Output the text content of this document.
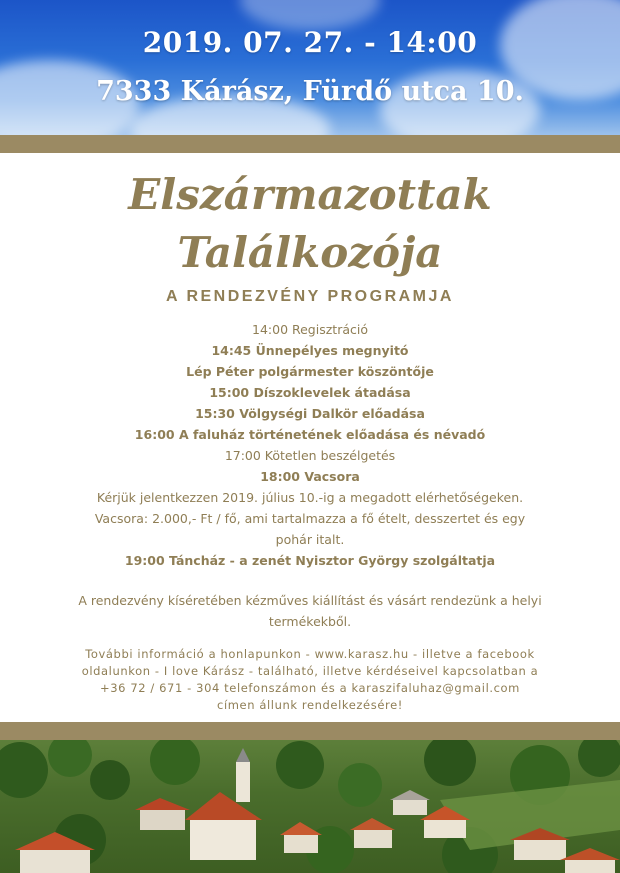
2019. 07. 27. - 14:00
7333 Kárász, Fürdő utca 10.
Elszármazottak
Találkozója
A RENDEZVÉNY PROGRAMJA

14:00 Regisztráció

14:45 Ünnepélyes megnyitó

Lép Péter polgármester köszöntője

15:00 Díszoklevelek átadása

15:30 Völgységi Dalkör előadása

16:00 A faluház történetének előadása és névadó

17:00 Kötetlen beszélgetés

18:00 Vacsora

Kérjük jelentkezzen 2019. július 10.-ig a megadott elérhetőségeken.

Vacsora: 2.000,- Ft / fő, ami tartalmazza a fő ételt, desszertet és egy pohár italt.

19:00 Táncház - a zenét Nyisztor György szolgáltatja

A rendezvény kíséretében kézműves kiállítást és vásárt rendezünk a helyi termékekből.

További információ a honlapunkon - www.karasz.hu - illetve a facebook oldalunkon - I love Kárász - található, illetve kérdéseivel kapcsolatban a +36 72 / 671 - 304 telefonszámon és a karaszifaluhaz@gmail.com címen állunk rendelkezésére!
